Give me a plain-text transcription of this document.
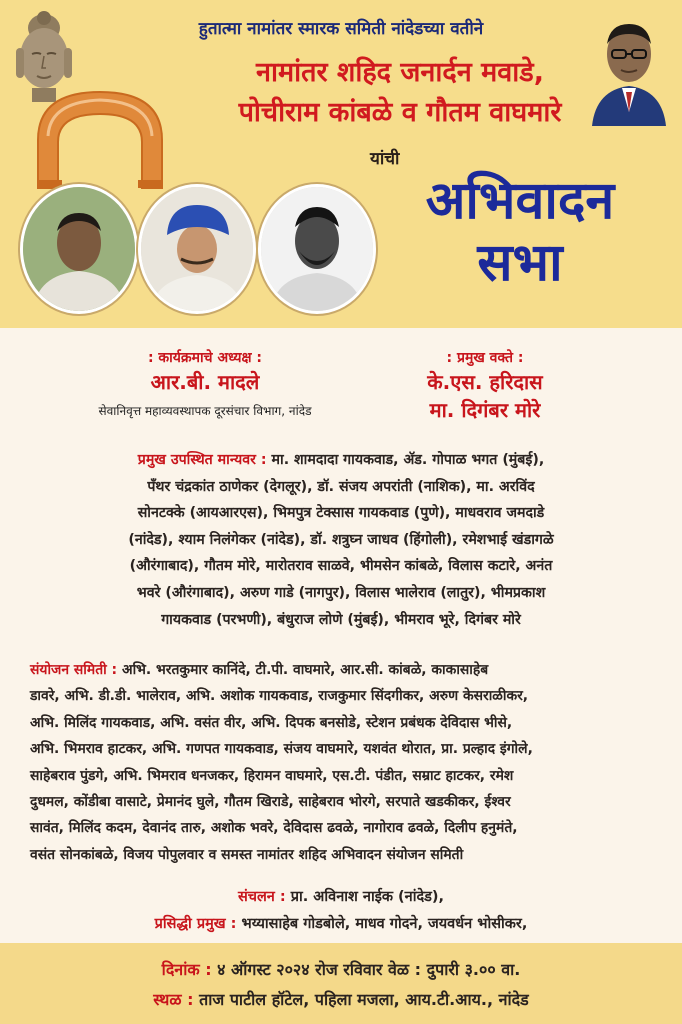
हुतात्मा नामांतर स्मारक समिती नांदेडच्या वतीने
नामांतर शहिद जनार्दन मवाडे,
पोचीराम कांबळे व गौतम वाघमारे
यांची
अभिवादन
सभा
: कार्यक्रमाचे अध्यक्ष :
आर.बी. मादले
सेवानिवृत्त महाव्यवस्थापक दूरसंचार विभाग, नांदेड
: प्रमुख वक्ते :
के.एस. हरिदास
मा. दिगंबर मोरे
प्रमुख उपस्थित मान्यवर : मा. शामदादा गायकवाड, ॲड. गोपाळ भगत (मुंबई),
पँथर चंद्रकांत ठाणेकर (देगलूर), डॉ. संजय अपरांती (नाशिक), मा. अरविंद
सोनटक्के (आयआरएस), भिमपुत्र टेक्सास गायकवाड (पुणे), माधवराव जमदाडे
(नांदेड), श्याम निलंगेकर (नांदेड), डॉ. शत्रुघ्न जाधव (हिंगोली), रमेशभाई खंडागळे
(औरंगाबाद), गौतम मोरे, मारोतराव साळवे, भीमसेन कांबळे, विलास कटारे, अनंत
भवरे (औरंगाबाद), अरुण गाडे (नागपुर), विलास भालेराव (लातुर), भीमप्रकाश
गायकवाड (परभणी), बंधुराज लोणे (मुंबई), भीमराव भूरे, दिगंबर मोरे
संयोजन समिती : अभि. भरतकुमार कानिंदे, टी.पी. वाघमारे, आर.सी. कांबळे, काकासाहेब
डावरे, अभि. डी.डी. भालेराव, अभि. अशोक गायकवाड, राजकुमार सिंदगीकर, अरुण केसराळीकर,
अभि. मिलिंद गायकवाड, अभि. वसंत वीर, अभि. दिपक बनसोडे, स्टेशन प्रबंधक देविदास भीसे,
अभि. भिमराव हाटकर, अभि. गणपत गायकवाड, संजय वाघमारे, यशवंत थोरात, प्रा. प्रल्हाद इंगोले,
साहेबराव पुंडगे, अभि. भिमराव धनजकर, हिरामन वाघमारे, एस.टी. पंडीत, सम्राट हाटकर, रमेश
दुधमल, कोंडीबा वासाटे, प्रेमानंद घुले, गौतम खिराडे, साहेबराव भोरगे, सरपाते खडकीकर, ईश्वर
सावंत, मिलिंद कदम, देवानंद तारु, अशोक भवरे, देविदास ढवळे, नागोराव ढवळे, दिलीप हनुमंते,
वसंत सोनकांबळे, विजय पोपुलवार व समस्त नामांतर शहिद अभिवादन संयोजन समिती
संचलन : प्रा. अविनाश नाईक (नांदेड),
प्रसिद्धी प्रमुख : भय्यासाहेब गोडबोले, माधव गोदने, जयवर्धन भोसीकर,
दिनांक : ४ ऑगस्ट २०२४ रोज रविवार वेळ : दुपारी ३.०० वा.
स्थळ : ताज पाटील हॉटेल, पहिला मजला, आय.टी.आय., नांदेड
